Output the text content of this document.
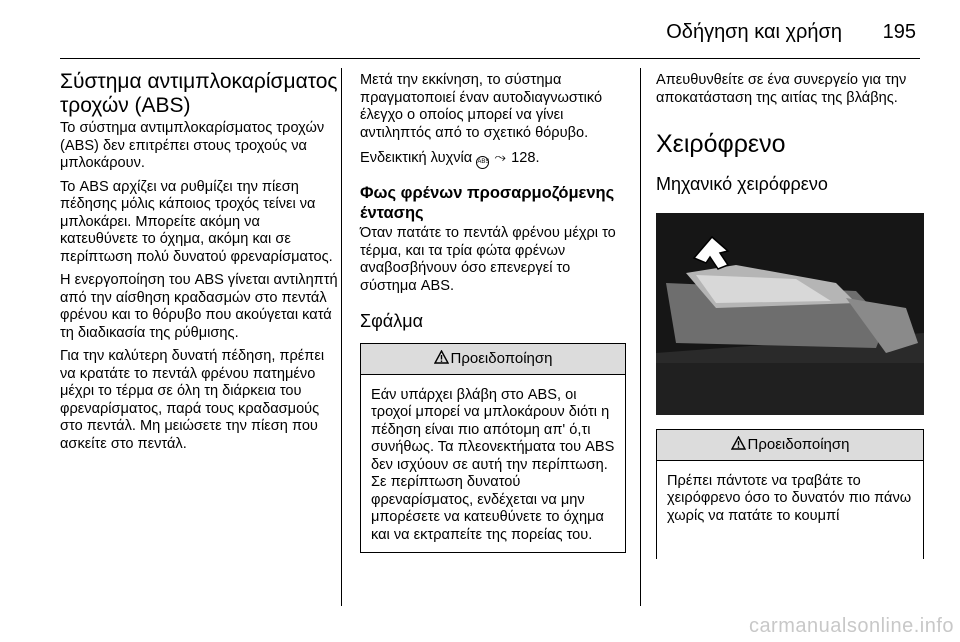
Οδήγηση και χρήση 195
Σύστημα αντιμπλοκαρίσματος τροχών (ABS)

Το σύστημα αντιμπλοκαρίσματος τροχών (ABS) δεν επιτρέπει στους τροχούς να μπλοκάρουν.

Το ABS αρχίζει να ρυθμίζει την πίεση πέδησης μόλις κάποιος τροχός τείνει να μπλοκάρει. Μπορείτε ακόμη να κατευθύνετε το όχημα, ακόμη και σε περίπτωση πολύ δυνατού φρεναρίσματος.

Η ενεργοποίηση του ABS γίνεται αντιληπτή από την αίσθηση κραδασμών στο πεντάλ φρένου και το θόρυβο που ακούγεται κατά τη διαδικασία της ρύθμισης.

Για την καλύτερη δυνατή πέδηση, πρέπει να κρατάτε το πεντάλ φρένου πατημένο μέχρι το τέρμα σε όλη τη διάρκεια του φρεναρίσματος, παρά τους κραδασμούς στο πεντάλ. Μη μειώσετε την πίεση που ασκείτε στο πεντάλ.

Μετά την εκκίνηση, το σύστημα πραγματοποιεί έναν αυτοδιαγνωστικό έλεγχο ο οποίος μπορεί να γίνει αντιληπτός από το σχετικό θόρυβο.

Ενδεικτική λυχνία ABS ⤳ 128.

Φως φρένων προσαρμοζόμενης έντασης

Όταν πατάτε το πεντάλ φρένου μέχρι το τέρμα, και τα τρία φώτα φρένων αναβοσβήνουν όσο επενεργεί το σύστημα ABS.

Σφάλμα
Προειδοποίηση
Εάν υπάρχει βλάβη στο ABS, οι τροχοί μπορεί να μπλοκάρουν διότι η πέδηση είναι πιο απότομη απ' ό,τι συνήθως. Τα πλεονεκτήματα του ABS δεν ισχύουν σε αυτή την περίπτωση. Σε περίπτωση δυνατού φρεναρίσματος, ενδέχεται να μην μπορέσετε να κατευθύνετε το όχημα και να εκτραπείτε της πορείας του.

Απευθυνθείτε σε ένα συνεργείο για την αποκατάσταση της αιτίας της βλάβης.

Χειρόφρενο
Μηχανικό χειρόφρενο
Προειδοποίηση
Πρέπει πάντοτε να τραβάτε το χειρόφρενο όσο το δυνατόν πιο πάνω χωρίς να πατάτε το κουμπί
carmanualsonline.info
